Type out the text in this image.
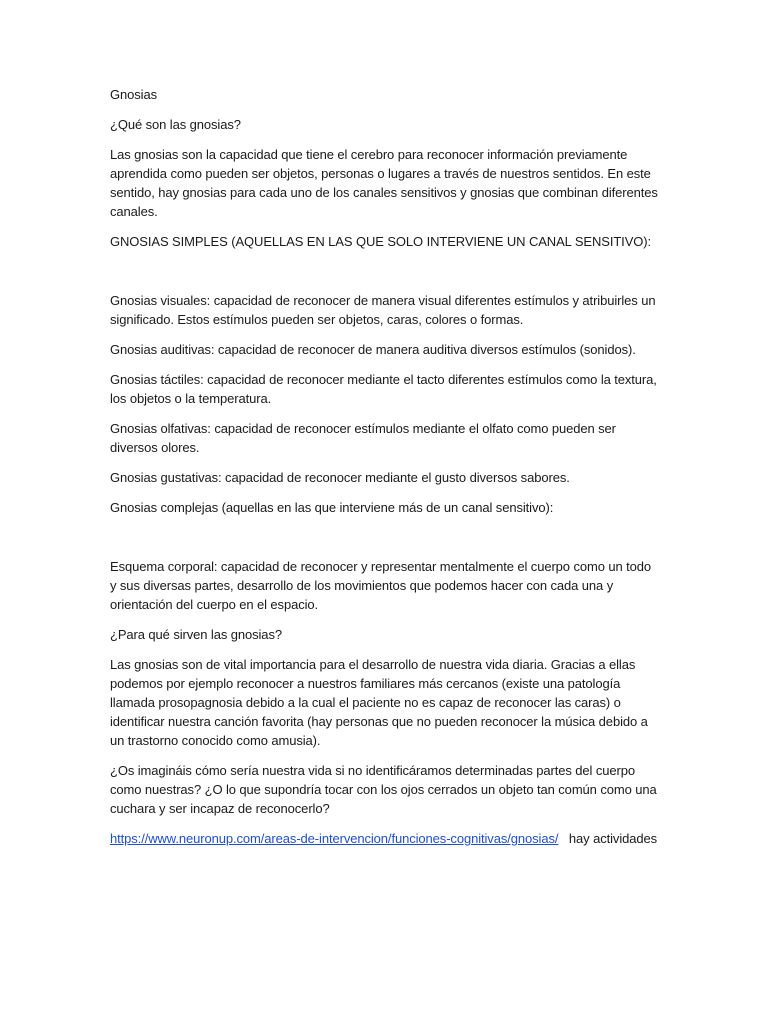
Gnosias

¿Qué son las gnosias?

Las gnosias son la capacidad que tiene el cerebro para reconocer información previamente aprendida como pueden ser objetos, personas o lugares a través de nuestros sentidos. En este sentido, hay gnosias para cada uno de los canales sensitivos y gnosias que combinan diferentes canales.

GNOSIAS SIMPLES (AQUELLAS EN LAS QUE SOLO INTERVIENE UN CANAL SENSITIVO):

Gnosias visuales: capacidad de reconocer de manera visual diferentes estímulos y atribuirles un significado. Estos estímulos pueden ser objetos, caras, colores o formas.

Gnosias auditivas: capacidad de reconocer de manera auditiva diversos estímulos (sonidos).

Gnosias táctiles: capacidad de reconocer mediante el tacto diferentes estímulos como la textura, los objetos o la temperatura.

Gnosias olfativas: capacidad de reconocer estímulos mediante el olfato como pueden ser diversos olores.

Gnosias gustativas: capacidad de reconocer mediante el gusto diversos sabores.

Gnosias complejas (aquellas en las que interviene más de un canal sensitivo):

Esquema corporal: capacidad de reconocer y representar mentalmente el cuerpo como un todo y sus diversas partes, desarrollo de los movimientos que podemos hacer con cada una y orientación del cuerpo en el espacio.

¿Para qué sirven las gnosias?

Las gnosias son de vital importancia para el desarrollo de nuestra vida diaria. Gracias a ellas podemos por ejemplo reconocer a nuestros familiares más cercanos (existe una patología llamada prosopagnosia debido a la cual el paciente no es capaz de reconocer las caras) o identificar nuestra canción favorita (hay personas que no pueden reconocer la música debido a un trastorno conocido como amusia).

¿Os imagináis cómo sería nuestra vida si no identificáramos determinadas partes del cuerpo como nuestras? ¿O lo que supondría tocar con los ojos cerrados un objeto tan común como una cuchara y ser incapaz de reconocerlo?

https://www.neuronup.com/areas-de-intervencion/funciones-cognitivas/gnosias/ hay actividades
